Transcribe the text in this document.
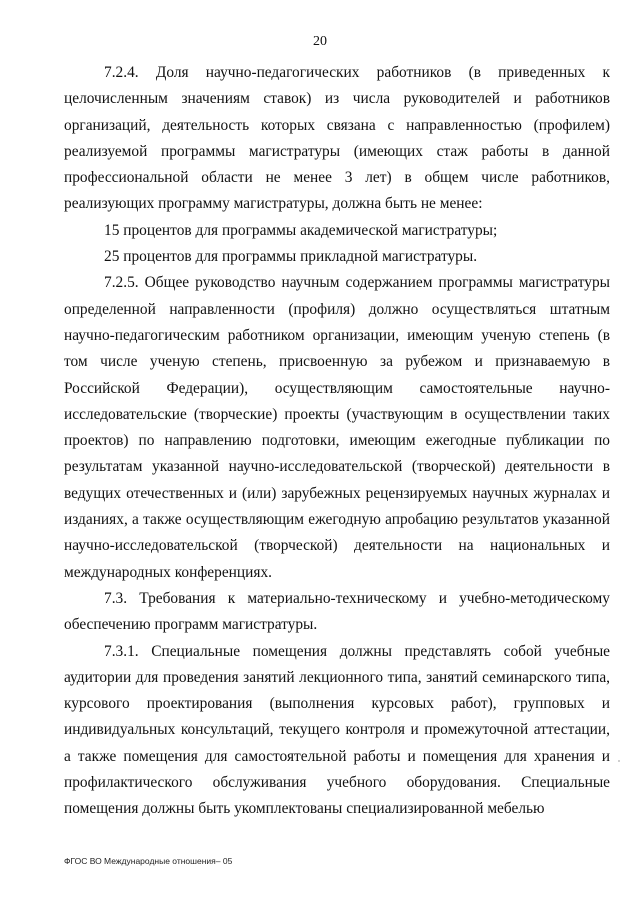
20

7.2.4. Доля научно-педагогических работников (в приведенных к целочисленным значениям ставок) из числа руководителей и работников организаций, деятельность которых связана с направленностью (профилем) реализуемой программы магистратуры (имеющих стаж работы в данной профессиональной области не менее 3 лет) в общем числе работников, реализующих программу магистратуры, должна быть не менее:

15 процентов для программы академической магистратуры;

25 процентов для программы прикладной магистратуры.

7.2.5. Общее руководство научным содержанием программы магистратуры определенной направленности (профиля) должно осуществляться штатным научно-педагогическим работником организации, имеющим ученую степень (в том числе ученую степень, присвоенную за рубежом и признаваемую в Российской Федерации), осуществляющим самостоятельные научно-исследовательские (творческие) проекты (участвующим в осуществлении таких проектов) по направлению подготовки, имеющим ежегодные публикации по результатам указанной научно-исследовательской (творческой) деятельности в ведущих отечественных и (или) зарубежных рецензируемых научных журналах и изданиях, а также осуществляющим ежегодную апробацию результатов указанной научно-исследовательской (творческой) деятельности на национальных и международных конференциях.

7.3. Требования к материально-техническому и учебно-методическому обеспечению программ магистратуры.

7.3.1. Специальные помещения должны представлять собой учебные аудитории для проведения занятий лекционного типа, занятий семинарского типа, курсового проектирования (выполнения курсовых работ), групповых и индивидуальных консультаций, текущего контроля и промежуточной аттестации, а также помещения для самостоятельной работы и помещения для хранения и профилактического обслуживания учебного оборудования. Специальные помещения должны быть укомплектованы специализированной мебелью

ФГОС ВО Международные отношения– 05
